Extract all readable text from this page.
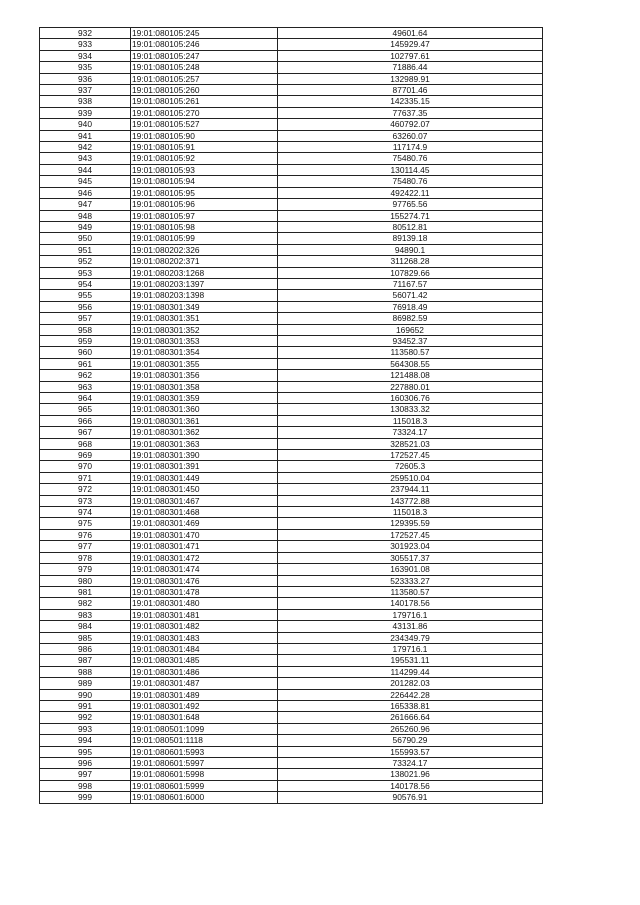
932	19:01:080105:245	49601.64
933	19:01:080105:246	145929.47
934	19:01:080105:247	102797.61
935	19:01:080105:248	71886.44
936	19:01:080105:257	132989.91
937	19:01:080105:260	87701.46
938	19:01:080105:261	142335.15
939	19:01:080105:270	77637.35
940	19:01:080105:527	460792.07
941	19:01:080105:90	63260.07
942	19:01:080105:91	117174.9
943	19:01:080105:92	75480.76
944	19:01:080105:93	130114.45
945	19:01:080105:94	75480.76
946	19:01:080105:95	492422.11
947	19:01:080105:96	97765.56
948	19:01:080105:97	155274.71
949	19:01:080105:98	80512.81
950	19:01:080105:99	89139.18
951	19:01:080202:326	94890.1
952	19:01:080202:371	311268.28
953	19:01:080203:1268	107829.66
954	19:01:080203:1397	71167.57
955	19:01:080203:1398	56071.42
956	19:01:080301:349	76918.49
957	19:01:080301:351	86982.59
958	19:01:080301:352	169652
959	19:01:080301:353	93452.37
960	19:01:080301:354	113580.57
961	19:01:080301:355	564308.55
962	19:01:080301:356	121488.08
963	19:01:080301:358	227880.01
964	19:01:080301:359	160306.76
965	19:01:080301:360	130833.32
966	19:01:080301:361	115018.3
967	19:01:080301:362	73324.17
968	19:01:080301:363	328521.03
969	19:01:080301:390	172527.45
970	19:01:080301:391	72605.3
971	19:01:080301:449	259510.04
972	19:01:080301:450	237944.11
973	19:01:080301:467	143772.88
974	19:01:080301:468	115018.3
975	19:01:080301:469	129395.59
976	19:01:080301:470	172527.45
977	19:01:080301:471	301923.04
978	19:01:080301:472	305517.37
979	19:01:080301:474	163901.08
980	19:01:080301:476	523333.27
981	19:01:080301:478	113580.57
982	19:01:080301:480	140178.56
983	19:01:080301:481	179716.1
984	19:01:080301:482	43131.86
985	19:01:080301:483	234349.79
986	19:01:080301:484	179716.1
987	19:01:080301:485	195531.11
988	19:01:080301:486	114299.44
989	19:01:080301:487	201282.03
990	19:01:080301:489	226442.28
991	19:01:080301:492	165338.81
992	19:01:080301:648	261666.64
993	19:01:080501:1099	265260.96
994	19:01:080501:1118	56790.29
995	19:01:080601:5993	155993.57
996	19:01:080601:5997	73324.17
997	19:01:080601:5998	138021.96
998	19:01:080601:5999	140178.56
999	19:01:080601:6000	90576.91
